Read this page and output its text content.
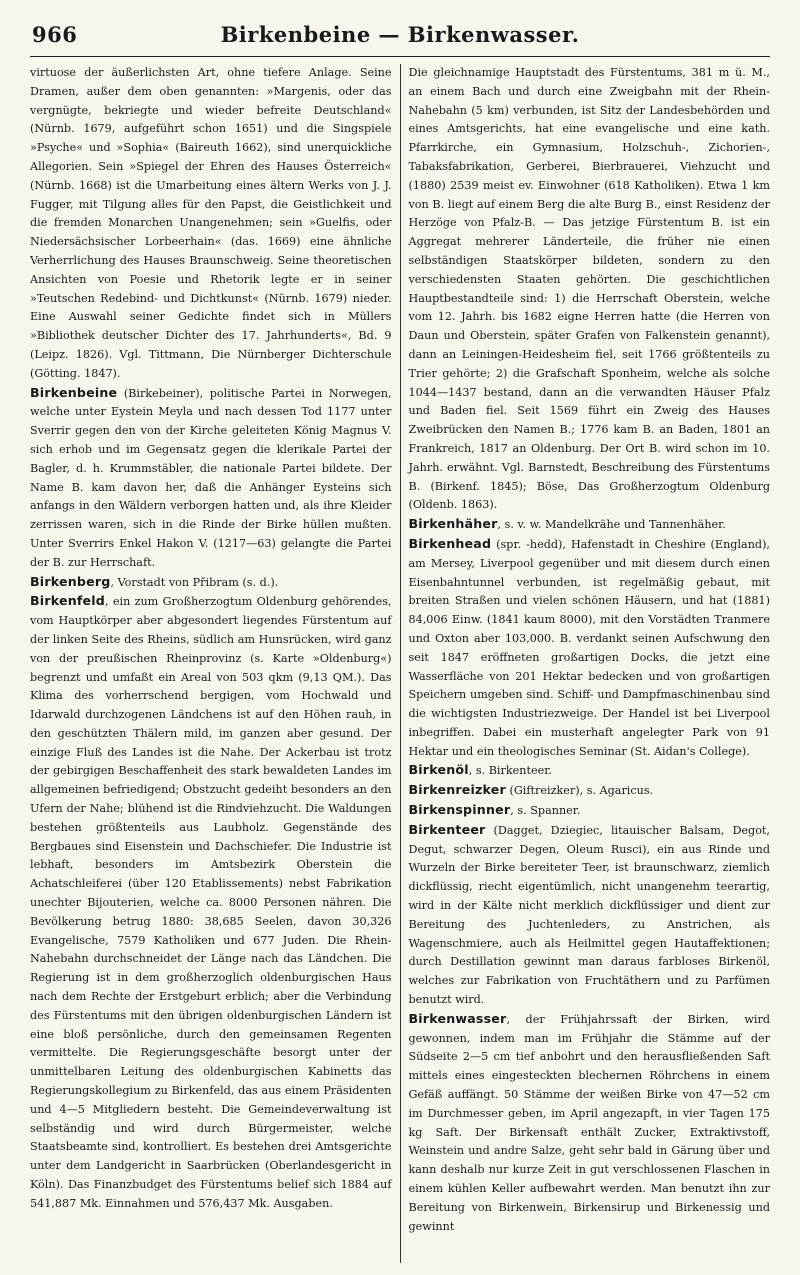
966	Birkenbeine — Birkenwasser.

virtuose der äußerlichsten Art, ohne tiefere Anlage. Seine Dramen, außer dem oben genannten: »Margenis, oder das vergnügte, bekriegte und wieder befreite Deutschland« (Nürnb. 1679, aufgeführt schon 1651) und die Singspiele »Psyche« und »Sophia« (Baireuth 1662), sind unerquickliche Allegorien. Sein »Spiegel der Ehren des Hauses Österreich« (Nürnb. 1668) ist die Umarbeitung eines ältern Werks von J. J. Fugger, mit Tilgung alles für den Papst, die Geistlichkeit und die fremden Monarchen Unangenehmen; sein »Guelfis, oder Niedersächsischer Lorbeerhain« (das. 1669) eine ähnliche Verherrlichung des Hauses Braunschweig. Seine theoretischen Ansichten von Poesie und Rhetorik legte er in seiner »Teutschen Redebind- und Dichtkunst« (Nürnb. 1679) nieder. Eine Auswahl seiner Gedichte findet sich in Müllers »Bibliothek deutscher Dichter des 17. Jahrhunderts«, Bd. 9 (Leipz. 1826). Vgl. Tittmann, Die Nürnberger Dichterschule (Götting. 1847).

Birkenbeine (Birkebeiner), politische Partei in Norwegen, welche unter Eystein Meyla und nach dessen Tod 1177 unter Sverrir gegen den von der Kirche geleiteten König Magnus V. sich erhob und im Gegensatz gegen die klerikale Partei der Bagler, d. h. Krummstäbler, die nationale Partei bildete. Der Name B. kam davon her, daß die Anhänger Eysteins sich anfangs in den Wäldern verborgen hatten und, als ihre Kleider zerrissen waren, sich in die Rinde der Birke hüllen mußten. Unter Sverrirs Enkel Hakon V. (1217—63) gelangte die Partei der B. zur Herrschaft.

Birkenberg, Vorstadt von Přibram (s. d.).

Birkenfeld, ein zum Großherzogtum Oldenburg gehörendes, vom Hauptkörper aber abgesondert liegendes Fürstentum auf der linken Seite des Rheins, südlich am Hunsrücken, wird ganz von der preußischen Rheinprovinz (s. Karte »Oldenburg«) begrenzt und umfaßt ein Areal von 503 qkm (9,13 QM.). Das Klima des vorherrschend bergigen, vom Hochwald und Idarwald durchzogenen Ländchens ist auf den Höhen rauh, in den geschützten Thälern mild, im ganzen aber gesund. Der einzige Fluß des Landes ist die Nahe. Der Ackerbau ist trotz der gebirgigen Beschaffenheit des stark bewaldeten Landes im allgemeinen befriedigend; Obstzucht gedeiht besonders an den Ufern der Nahe; blühend ist die Rindviehzucht. Die Waldungen bestehen größtenteils aus Laubholz. Gegenstände des Bergbaues sind Eisenstein und Dachschiefer. Die Industrie ist lebhaft, besonders im Amtsbezirk Oberstein die Achatschleiferei (über 120 Etablissements) nebst Fabrikation unechter Bijouterien, welche ca. 8000 Personen nähren. Die Bevölkerung betrug 1880: 38,685 Seelen, davon 30,326 Evangelische, 7579 Katholiken und 677 Juden. Die Rhein-Nahebahn durchschneidet der Länge nach das Ländchen. Die Regierung ist in dem großherzoglich oldenburgischen Haus nach dem Rechte der Erstgeburt erblich; aber die Verbindung des Fürstentums mit den übrigen oldenburgischen Ländern ist eine bloß persönliche, durch den gemeinsamen Regenten vermittelte. Die Regierungsgeschäfte besorgt unter der unmittelbaren Leitung des oldenburgischen Kabinetts das Regierungskollegium zu Birkenfeld, das aus einem Präsidenten und 4—5 Mitgliedern besteht. Die Gemeindeverwaltung ist selbständig und wird durch Bürgermeister, welche Staatsbeamte sind, kontrolliert. Es bestehen drei Amtsgerichte unter dem Landgericht in Saarbrücken (Oberlandesgericht in Köln). Das Finanzbudget des Fürstentums belief sich 1884 auf 541,887 Mk. Einnahmen und 576,437 Mk. Ausgaben.

Die gleichnamige Hauptstadt des Fürstentums, 381 m ü. M., an einem Bach und durch eine Zweigbahn mit der Rhein-Nahebahn (5 km) verbunden, ist Sitz der Landesbehörden und eines Amtsgerichts, hat eine evangelische und eine kath. Pfarrkirche, ein Gymnasium, Holzschuh-, Zichorien-, Tabaksfabrikation, Gerberei, Bierbrauerei, Viehzucht und (1880) 2539 meist ev. Einwohner (618 Katholiken). Etwa 1 km von B. liegt auf einem Berg die alte Burg B., einst Residenz der Herzöge von Pfalz-B. — Das jetzige Fürstentum B. ist ein Aggregat mehrerer Länderteile, die früher nie einen selbständigen Staatskörper bildeten, sondern zu den verschiedensten Staaten gehörten. Die geschichtlichen Hauptbestandteile sind: 1) die Herrschaft Oberstein, welche vom 12. Jahrh. bis 1682 eigne Herren hatte (die Herren von Daun und Oberstein, später Grafen von Falkenstein genannt), dann an Leiningen-Heidesheim fiel, seit 1766 größtenteils zu Trier gehörte; 2) die Grafschaft Sponheim, welche als solche 1044—1437 bestand, dann an die verwandten Häuser Pfalz und Baden fiel. Seit 1569 führt ein Zweig des Hauses Zweibrücken den Namen B.; 1776 kam B. an Baden, 1801 an Frankreich, 1817 an Oldenburg. Der Ort B. wird schon im 10. Jahrh. erwähnt. Vgl. Barnstedt, Beschreibung des Fürstentums B. (Birkenf. 1845); Böse, Das Großherzogtum Oldenburg (Oldenb. 1863).

Birkenhäher, s. v. w. Mandelkrähe und Tannenhäher.

Birkenhead (spr. -hedd), Hafenstadt in Cheshire (England), am Mersey, Liverpool gegenüber und mit diesem durch einen Eisenbahntunnel verbunden, ist regelmäßig gebaut, mit breiten Straßen und vielen schönen Häusern, und hat (1881) 84,006 Einw. (1841 kaum 8000), mit den Vorstädten Tranmere und Oxton aber 103,000. B. verdankt seinen Aufschwung den seit 1847 eröffneten großartigen Docks, die jetzt eine Wasserfläche von 201 Hektar bedecken und von großartigen Speichern umgeben sind. Schiff- und Dampfmaschinenbau sind die wichtigsten Industriezweige. Der Handel ist bei Liverpool inbegriffen. Dabei ein musterhaft angelegter Park von 91 Hektar und ein theologisches Seminar (St. Aidan's College).

Birkenöl, s. Birkenteer.

Birkenreizker (Giftreizker), s. Agaricus.

Birkenspinner, s. Spanner.

Birkenteer (Dagget, Dziegiec, litauischer Balsam, Degot, Degut, schwarzer Degen, Oleum Rusci), ein aus Rinde und Wurzeln der Birke bereiteter Teer, ist braunschwarz, ziemlich dickflüssig, riecht eigentümlich, nicht unangenehm teerartig, wird in der Kälte nicht merklich dickflüssiger und dient zur Bereitung des Juchtenleders, zu Anstrichen, als Wagenschmiere, auch als Heilmittel gegen Hautaffektionen; durch Destillation gewinnt man daraus farbloses Birkenöl, welches zur Fabrikation von Fruchtäthern und zu Parfümen benutzt wird.

Birkenwasser, der Frühjahrssaft der Birken, wird gewonnen, indem man im Frühjahr die Stämme auf der Südseite 2—5 cm tief anbohrt und den herausfließenden Saft mittels eines eingesteckten blechernen Röhrchens in einem Gefäß auffängt. 50 Stämme der weißen Birke von 47—52 cm im Durchmesser geben, im April angezapft, in vier Tagen 175 kg Saft. Der Birkensaft enthält Zucker, Extraktivstoff, Weinstein und andre Salze, geht sehr bald in Gärung über und kann deshalb nur kurze Zeit in gut verschlossenen Flaschen in einem kühlen Keller aufbewahrt werden. Man benutzt ihn zur Bereitung von Birkenwein, Birkensirup und Birkenessig und gewinnt
